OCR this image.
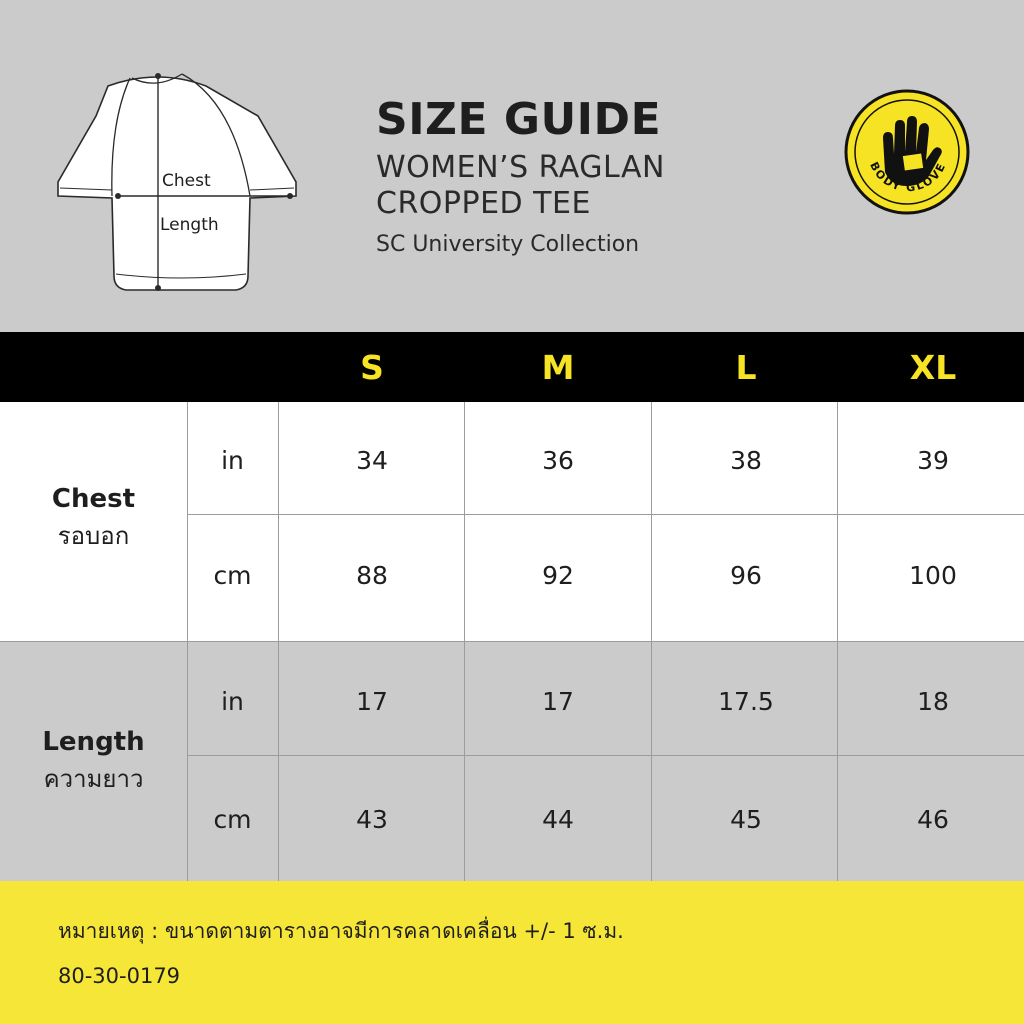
Chest
Length
SIZE GUIDE
WOMEN’S RAGLAN
CROPPED TEE
SC University Collection
BODY GLOVE
S	M	L	XL
Chest
รอบอก
in	34	36	38	39
cm	88	92	96	100
Length
ความยาว
in	17	17	17.5	18
cm	43	44	45	46
หมายเหตุ : ขนาดตามตารางอาจมีการคลาดเคลื่อน +/- 1 ซ.ม.
80-30-0179
